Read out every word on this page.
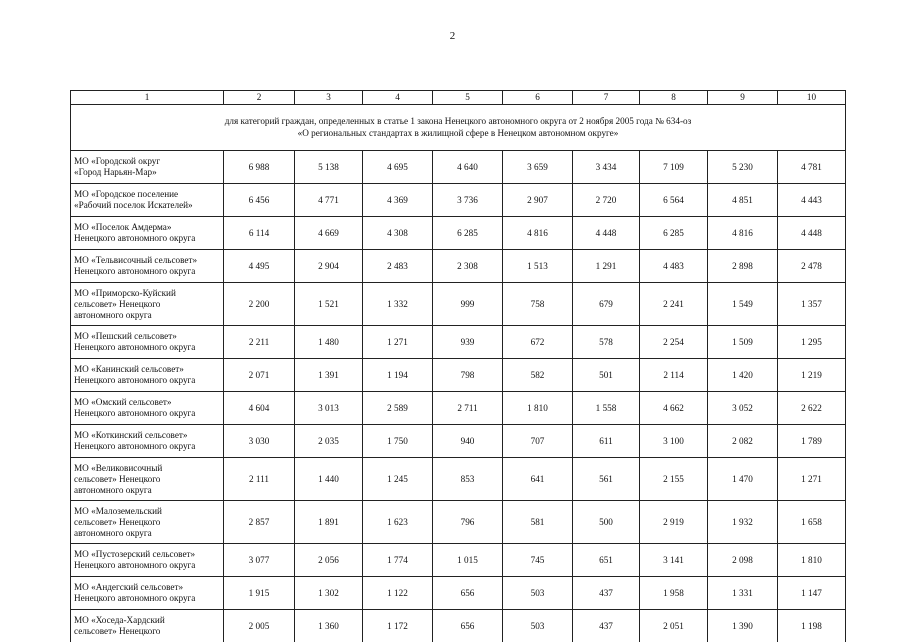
2
1	2	3	4	5	6	7	8	9	10

для категорий граждан, определенных в статье 1 закона Ненецкого автономного округа от 2 ноября 2005 года № 634-оз
«О региональных стандартах в жилищной сфере в Ненецком автономном округе»									

МО «Городской округ
«Город Нарьян-Мар»	6 988	5 138	4 695	4 640	3 659	3 434	7 109	5 230	4 781

МО «Городское поселение
«Рабочий поселок Искателей»	6 456	4 771	4 369	3 736	2 907	2 720	6 564	4 851	4 443

МО «Поселок Амдерма»
Ненецкого автономного округа	6 114	4 669	4 308	6 285	4 816	4 448	6 285	4 816	4 448

МО «Тельвисочный сельсовет»
Ненецкого автономного округа	4 495	2 904	2 483	2 308	1 513	1 291	4 483	2 898	2 478

МО «Приморско-Куйский
сельсовет» Ненецкого
автономного округа	2 200	1 521	1 332	999	758	679	2 241	1 549	1 357

МО «Пешский сельсовет»
Ненецкого автономного округа	2 211	1 480	1 271	939	672	578	2 254	1 509	1 295

МО «Канинский сельсовет»
Ненецкого автономного округа	2 071	1 391	1 194	798	582	501	2 114	1 420	1 219

МО «Омский сельсовет»
Ненецкого автономного округа	4 604	3 013	2 589	2 711	1 810	1 558	4 662	3 052	2 622

МО «Коткинский сельсовет»
Ненецкого автономного округа	3 030	2 035	1 750	940	707	611	3 100	2 082	1 789

МО «Великовисочный
сельсовет» Ненецкого
автономного округа	2 111	1 440	1 245	853	641	561	2 155	1 470	1 271

МО «Малоземельский
сельсовет» Ненецкого
автономного округа	2 857	1 891	1 623	796	581	500	2 919	1 932	1 658

МО «Пустозерский сельсовет»
Ненецкого автономного округа	3 077	2 056	1 774	1 015	745	651	3 141	2 098	1 810

МО «Андегский сельсовет»
Ненецкого автономного округа	1 915	1 302	1 122	656	503	437	1 958	1 331	1 147

МО «Хоседа-Хардский
сельсовет» Ненецкого	2 005	1 360	1 172	656	503	437	2 051	1 390	1 198
